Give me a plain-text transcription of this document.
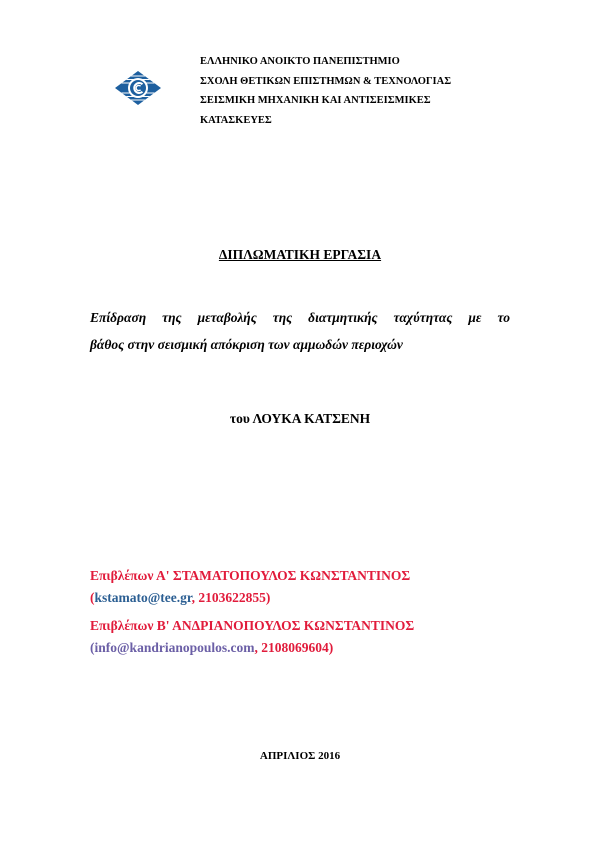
ΕΛΛΗΝΙΚΟ ΑΝΟΙΚΤΟ ΠΑΝΕΠΙΣΤΗΜΙΟ
ΣΧΟΛΗ ΘΕΤΙΚΩΝ ΕΠΙΣΤΗΜΩΝ & ΤΕΧΝΟΛΟΓΙΑΣ
ΣΕΙΣΜΙΚΗ ΜΗΧΑΝΙΚΗ ΚΑΙ ΑΝΤΙΣΕΙΣΜΙΚΕΣ
ΚΑΤΑΣΚΕΥΕΣ
ΔΙΠΛΩΜΑΤΙΚΗ ΕΡΓΑΣΙΑ
Επίδραση της μεταβολής της διατμητικής ταχύτητας με το
βάθος στην σεισμική απόκριση των αμμωδών περιοχών
του ΛΟΥΚΑ ΚΑΤΣΕΝΗ
Επιβλέπων Α' ΣΤΑΜΑΤΟΠΟΥΛΟΣ ΚΩΝΣΤΑΝΤΙΝΟΣ
(kstamato@tee.gr, 2103622855)
Επιβλέπων Β' ΑΝΔΡΙΑΝΟΠΟΥΛΟΣ ΚΩΝΣΤΑΝΤΙΝΟΣ
(info@kandrianopoulos.com, 2108069604)
ΑΠΡΙΛΙΟΣ 2016
